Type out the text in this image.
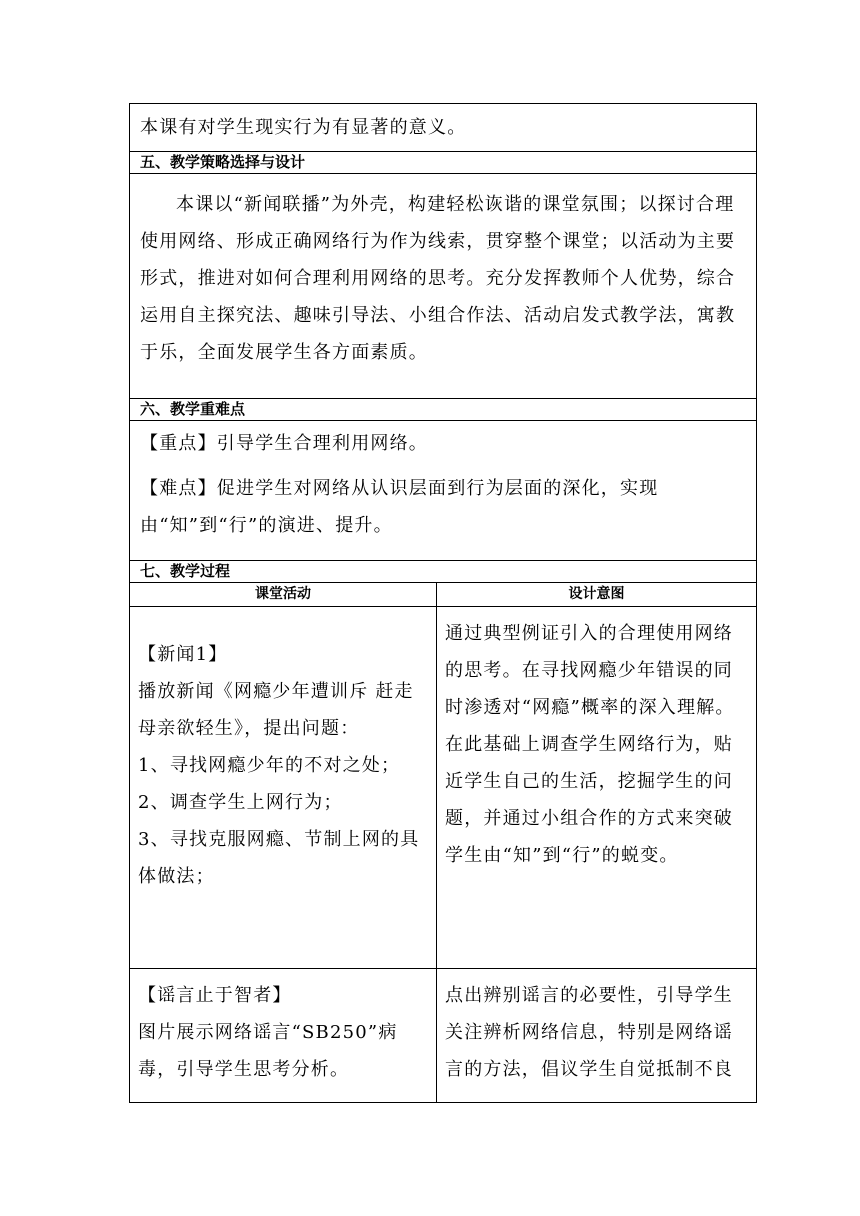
本课有对学生现实行为有显著的意义。

五、教学策略选择与设计

本课以“新闻联播”为外壳，构建轻松诙谐的课堂氛围；以探讨合理使用网络、形成正确网络行为作为线索，贯穿整个课堂；以活动为主要形式，推进对如何合理利用网络的思考。充分发挥教师个人优势，综合运用自主探究法、趣味引导法、小组合作法、活动启发式教学法，寓教于乐，全面发展学生各方面素质。

六、教学重难点

【重点】引导学生合理利用网络。

【难点】促进学生对网络从认识层面到行为层面的深化，实现由“知”到“行”的演进、提升。

七、教学过程
课堂活动	设计意图

【新闻1】

播放新闻《网瘾少年遭训斥 赶走母亲欲轻生》，提出问题：

1、寻找网瘾少年的不对之处；

2、调查学生上网行为；

3、寻找克服网瘾、节制上网的具体做法；

通过典型例证引入的合理使用网络的思考。在寻找网瘾少年错误的同时渗透对“网瘾”概率的深入理解。在此基础上调查学生网络行为，贴近学生自己的生活，挖掘学生的问题，并通过小组合作的方式来突破学生由“知”到“行”的蜕变。

【谣言止于智者】

图片展示网络谣言“SB250”病毒，引导学生思考分析。

点出辨别谣言的必要性，引导学生关注辨析网络信息，特别是网络谣言的方法，倡议学生自觉抵制不良
